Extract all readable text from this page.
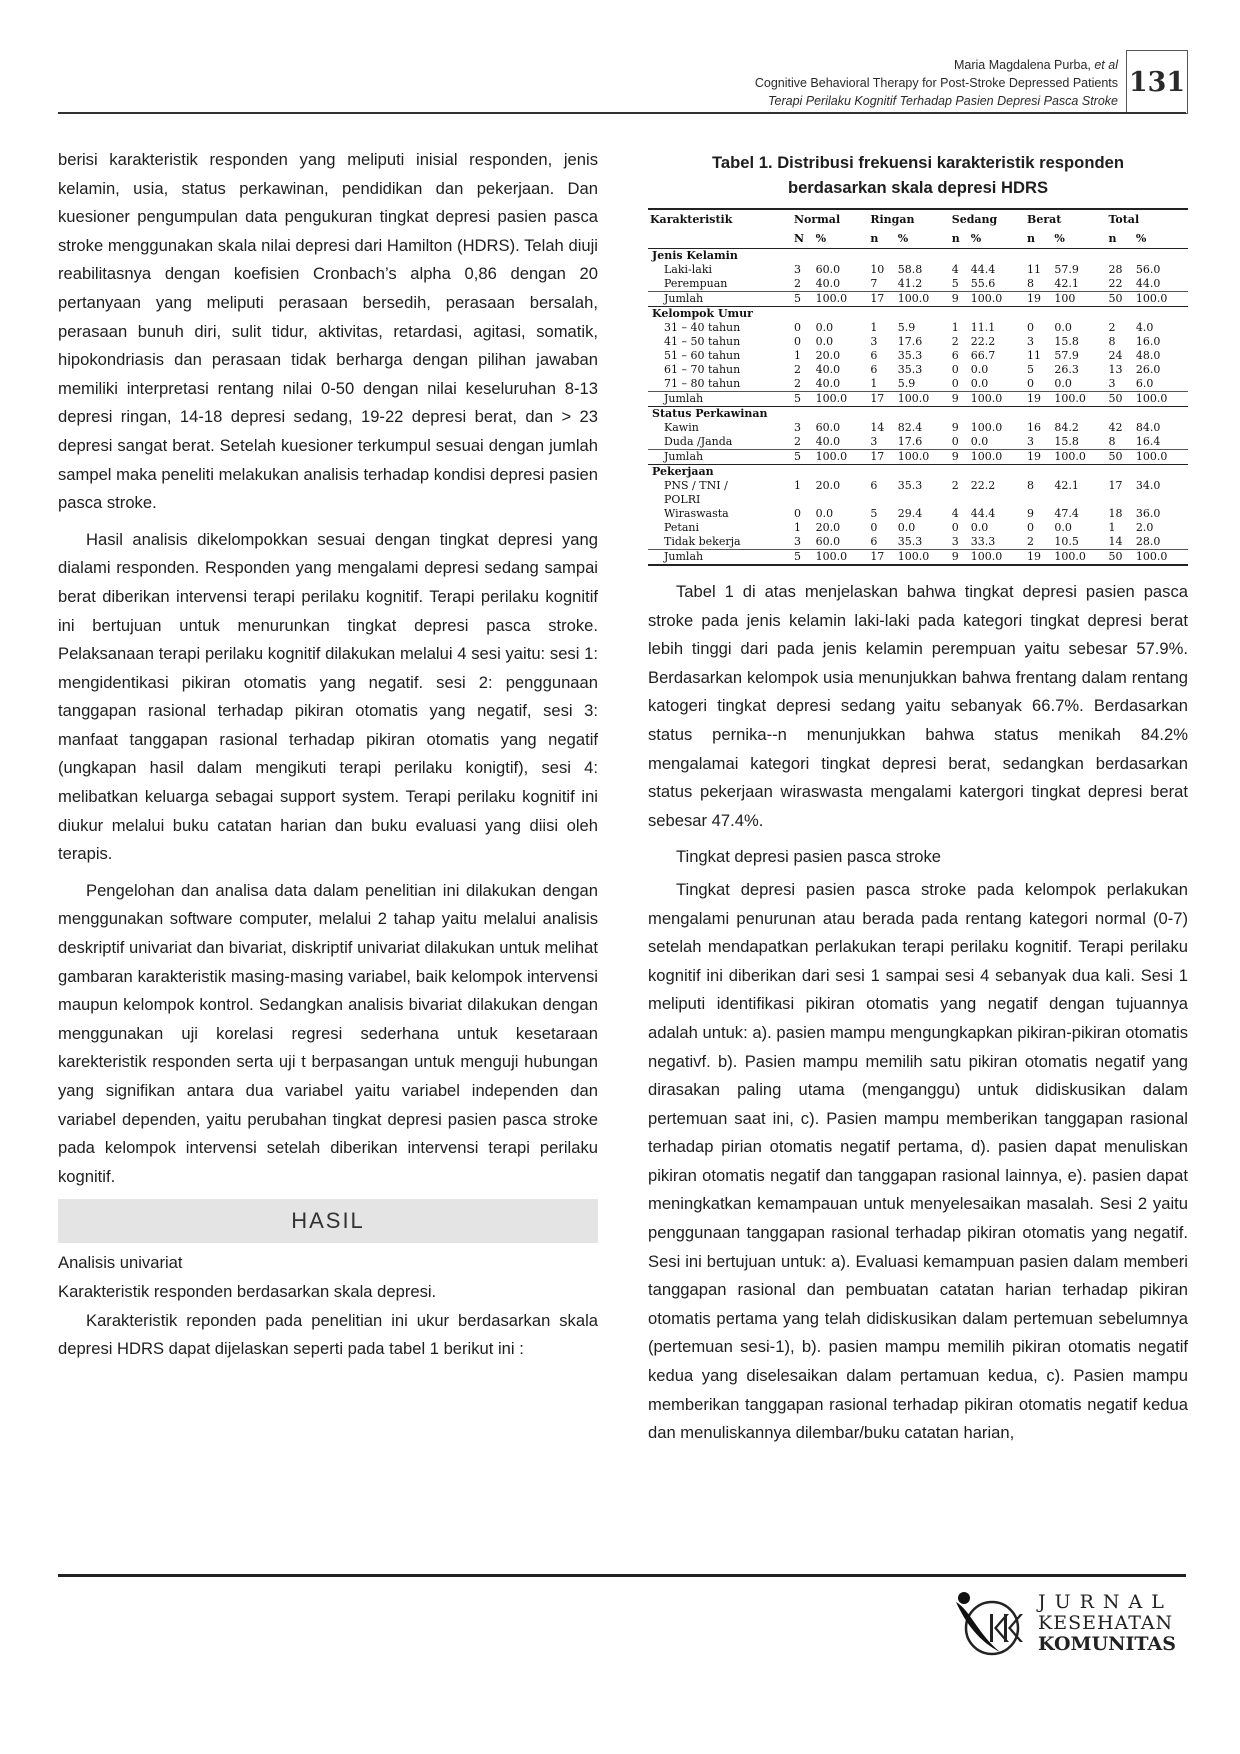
Maria Magdalena Purba, et al
Cognitive Behavioral Therapy for Post-Stroke Depressed Patients
Terapi Perilaku Kognitif Terhadap Pasien Depresi Pasca Stroke
131

berisi karakteristik responden yang meliputi inisial responden, jenis kelamin, usia, status perkawinan, pendidikan dan pekerjaan. Dan kuesioner pengumpulan data pengukuran tingkat depresi pasien pasca stroke menggunakan skala nilai depresi dari Hamilton (HDRS). Telah diuji reabilitasnya dengan koefisien Cronbach’s alpha 0,86 dengan 20 pertanyaan yang meliputi perasaan bersedih, perasaan bersalah, perasaan bunuh diri, sulit tidur, aktivitas, retardasi, agitasi, somatik, hipokondriasis dan perasaan tidak berharga dengan pilihan jawaban memiliki interpretasi rentang nilai 0-50 dengan nilai keseluruhan 8-13 depresi ringan, 14-18 depresi sedang, 19-22 depresi berat, dan > 23 depresi sangat berat. Setelah kuesioner terkumpul sesuai dengan jumlah sampel maka peneliti melakukan analisis terhadap kondisi depresi pasien pasca stroke.

Hasil analisis dikelompokkan sesuai dengan tingkat depresi yang dialami responden. Responden yang mengalami depresi sedang sampai berat diberikan intervensi terapi perilaku kognitif. Terapi perilaku kognitif ini bertujuan untuk menurunkan tingkat depresi pasca stroke. Pelaksanaan terapi perilaku kognitif dilakukan melalui 4 sesi yaitu: sesi 1: mengidentikasi pikiran otomatis yang negatif. sesi 2: penggunaan tanggapan rasional terhadap pikiran otomatis yang negatif, sesi 3: manfaat tanggapan rasional terhadap pikiran otomatis yang negatif (ungkapan hasil dalam mengikuti terapi perilaku konigtif), sesi 4: melibatkan keluarga sebagai support system. Terapi perilaku kognitif ini diukur melalui buku catatan harian dan buku evaluasi yang diisi oleh terapis.

Pengelohan dan analisa data dalam penelitian ini dilakukan dengan menggunakan software computer, melalui 2 tahap yaitu melalui analisis deskriptif univariat dan bivariat, diskriptif univariat dilakukan untuk melihat gambaran karakteristik masing-masing variabel, baik kelompok intervensi maupun kelompok kontrol. Sedangkan analisis bivariat dilakukan dengan menggunakan uji korelasi regresi sederhana untuk kesetaraan karekteristik responden serta uji t berpasangan untuk menguji hubungan yang signifikan antara dua variabel yaitu variabel independen dan variabel dependen, yaitu perubahan tingkat depresi pasien pasca stroke pada kelompok intervensi setelah diberikan intervensi terapi perilaku kognitif.

HASIL

Analisis univariat

Karakteristik responden berdasarkan skala depresi.

Karakteristik reponden pada penelitian ini ukur berdasarkan skala depresi HDRS dapat dijelaskan seperti pada tabel 1 berikut ini :

Tabel 1. Distribusi frekuensi karakteristik responden
berdasarkan skala depresi HDRS
Karakteristik	Normal		Ringan		Sedang		Berat		Total	
	N	%	n	%	n	%	n	%	n	%
Jenis Kelamin										
Laki-laki	3	60.0	10	58.8	4	44.4	11	57.9	28	56.0
Perempuan	2	40.0	7	41.2	5	55.6	8	42.1	22	44.0
Jumlah	5	100.0	17	100.0	9	100.0	19	100	50	100.0
Kelompok Umur										
31 – 40 tahun	0	0.0	1	5.9	1	11.1	0	0.0	2	4.0
41 – 50 tahun	0	0.0	3	17.6	2	22.2	3	15.8	8	16.0
51 – 60 tahun	1	20.0	6	35.3	6	66.7	11	57.9	24	48.0
61 – 70 tahun	2	40.0	6	35.3	0	0.0	5	26.3	13	26.0
71 – 80 tahun	2	40.0	1	5.9	0	0.0	0	0.0	3	6.0
Jumlah	5	100.0	17	100.0	9	100.0	19	100.0	50	100.0
Status Perkawinan										
Kawin	3	60.0	14	82.4	9	100.0	16	84.2	42	84.0
Duda /Janda	2	40.0	3	17.6	0	0.0	3	15.8	8	16.4
Jumlah	5	100.0	17	100.0	9	100.0	19	100.0	50	100.0
Pekerjaan										
PNS / TNI /	1	20.0	6	35.3	2	22.2	8	42.1	17	34.0
POLRI										
Wiraswasta	0	0.0	5	29.4	4	44.4	9	47.4	18	36.0
Petani	1	20.0	0	0.0	0	0.0	0	0.0	1	2.0
Tidak bekerja	3	60.0	6	35.3	3	33.3	2	10.5	14	28.0
Jumlah	5	100.0	17	100.0	9	100.0	19	100.0	50	100.0

Tabel 1 di atas menjelaskan bahwa tingkat depresi pasien pasca stroke pada jenis kelamin laki-laki pada kategori tingkat depresi berat lebih tinggi dari pada jenis kelamin perempuan yaitu sebesar 57.9%. Berdasarkan kelompok usia menunjukkan bahwa frentang dalam rentang katogeri tingkat depresi sedang yaitu sebanyak 66.7%. Berdasarkan status pernika--n menunjukkan bahwa status menikah 84.2% mengalamai kategori tingkat depresi berat, sedangkan berdasarkan status pekerjaan wiraswasta mengalami katergori tingkat depresi berat sebesar 47.4%.

Tingkat depresi pasien pasca stroke

Tingkat depresi pasien pasca stroke pada kelompok perlakukan mengalami penurunan atau berada pada rentang kategori normal (0-7) setelah mendapatkan perlakukan terapi perilaku kognitif. Terapi perilaku kognitif ini diberikan dari sesi 1 sampai sesi 4 sebanyak dua kali. Sesi 1 meliputi identifikasi pikiran otomatis yang negatif dengan tujuannya adalah untuk: a). pasien mampu mengungkapkan pikiran-pikiran otomatis negativf. b). Pasien mampu memilih satu pikiran otomatis negatif yang dirasakan paling utama (menganggu) untuk didiskusikan dalam pertemuan saat ini, c). Pasien mampu memberikan tanggapan rasional terhadap pirian otomatis negatif pertama, d). pasien dapat menuliskan pikiran otomatis negatif dan tanggapan rasional lainnya, e). pasien dapat meningkatkan kemampauan untuk menyelesaikan masalah. Sesi 2 yaitu penggunaan tanggapan rasional terhadap pikiran otomatis yang negatif. Sesi ini bertujuan untuk: a). Evaluasi kemampuan pasien dalam memberi tanggapan rasional dan pembuatan catatan harian terhadap pikiran otomatis pertama yang telah didiskusikan dalam pertemuan sebelumnya (pertemuan sesi-1), b). pasien mampu memilih pikiran otomatis negatif kedua yang diselesaikan dalam pertamuan kedua, c). Pasien mampu memberikan tanggapan rasional terhadap pikiran otomatis negatif kedua dan menuliskannya dilembar/buku catatan harian,

JURNAL
KESEHATAN
KOMUNITAS
